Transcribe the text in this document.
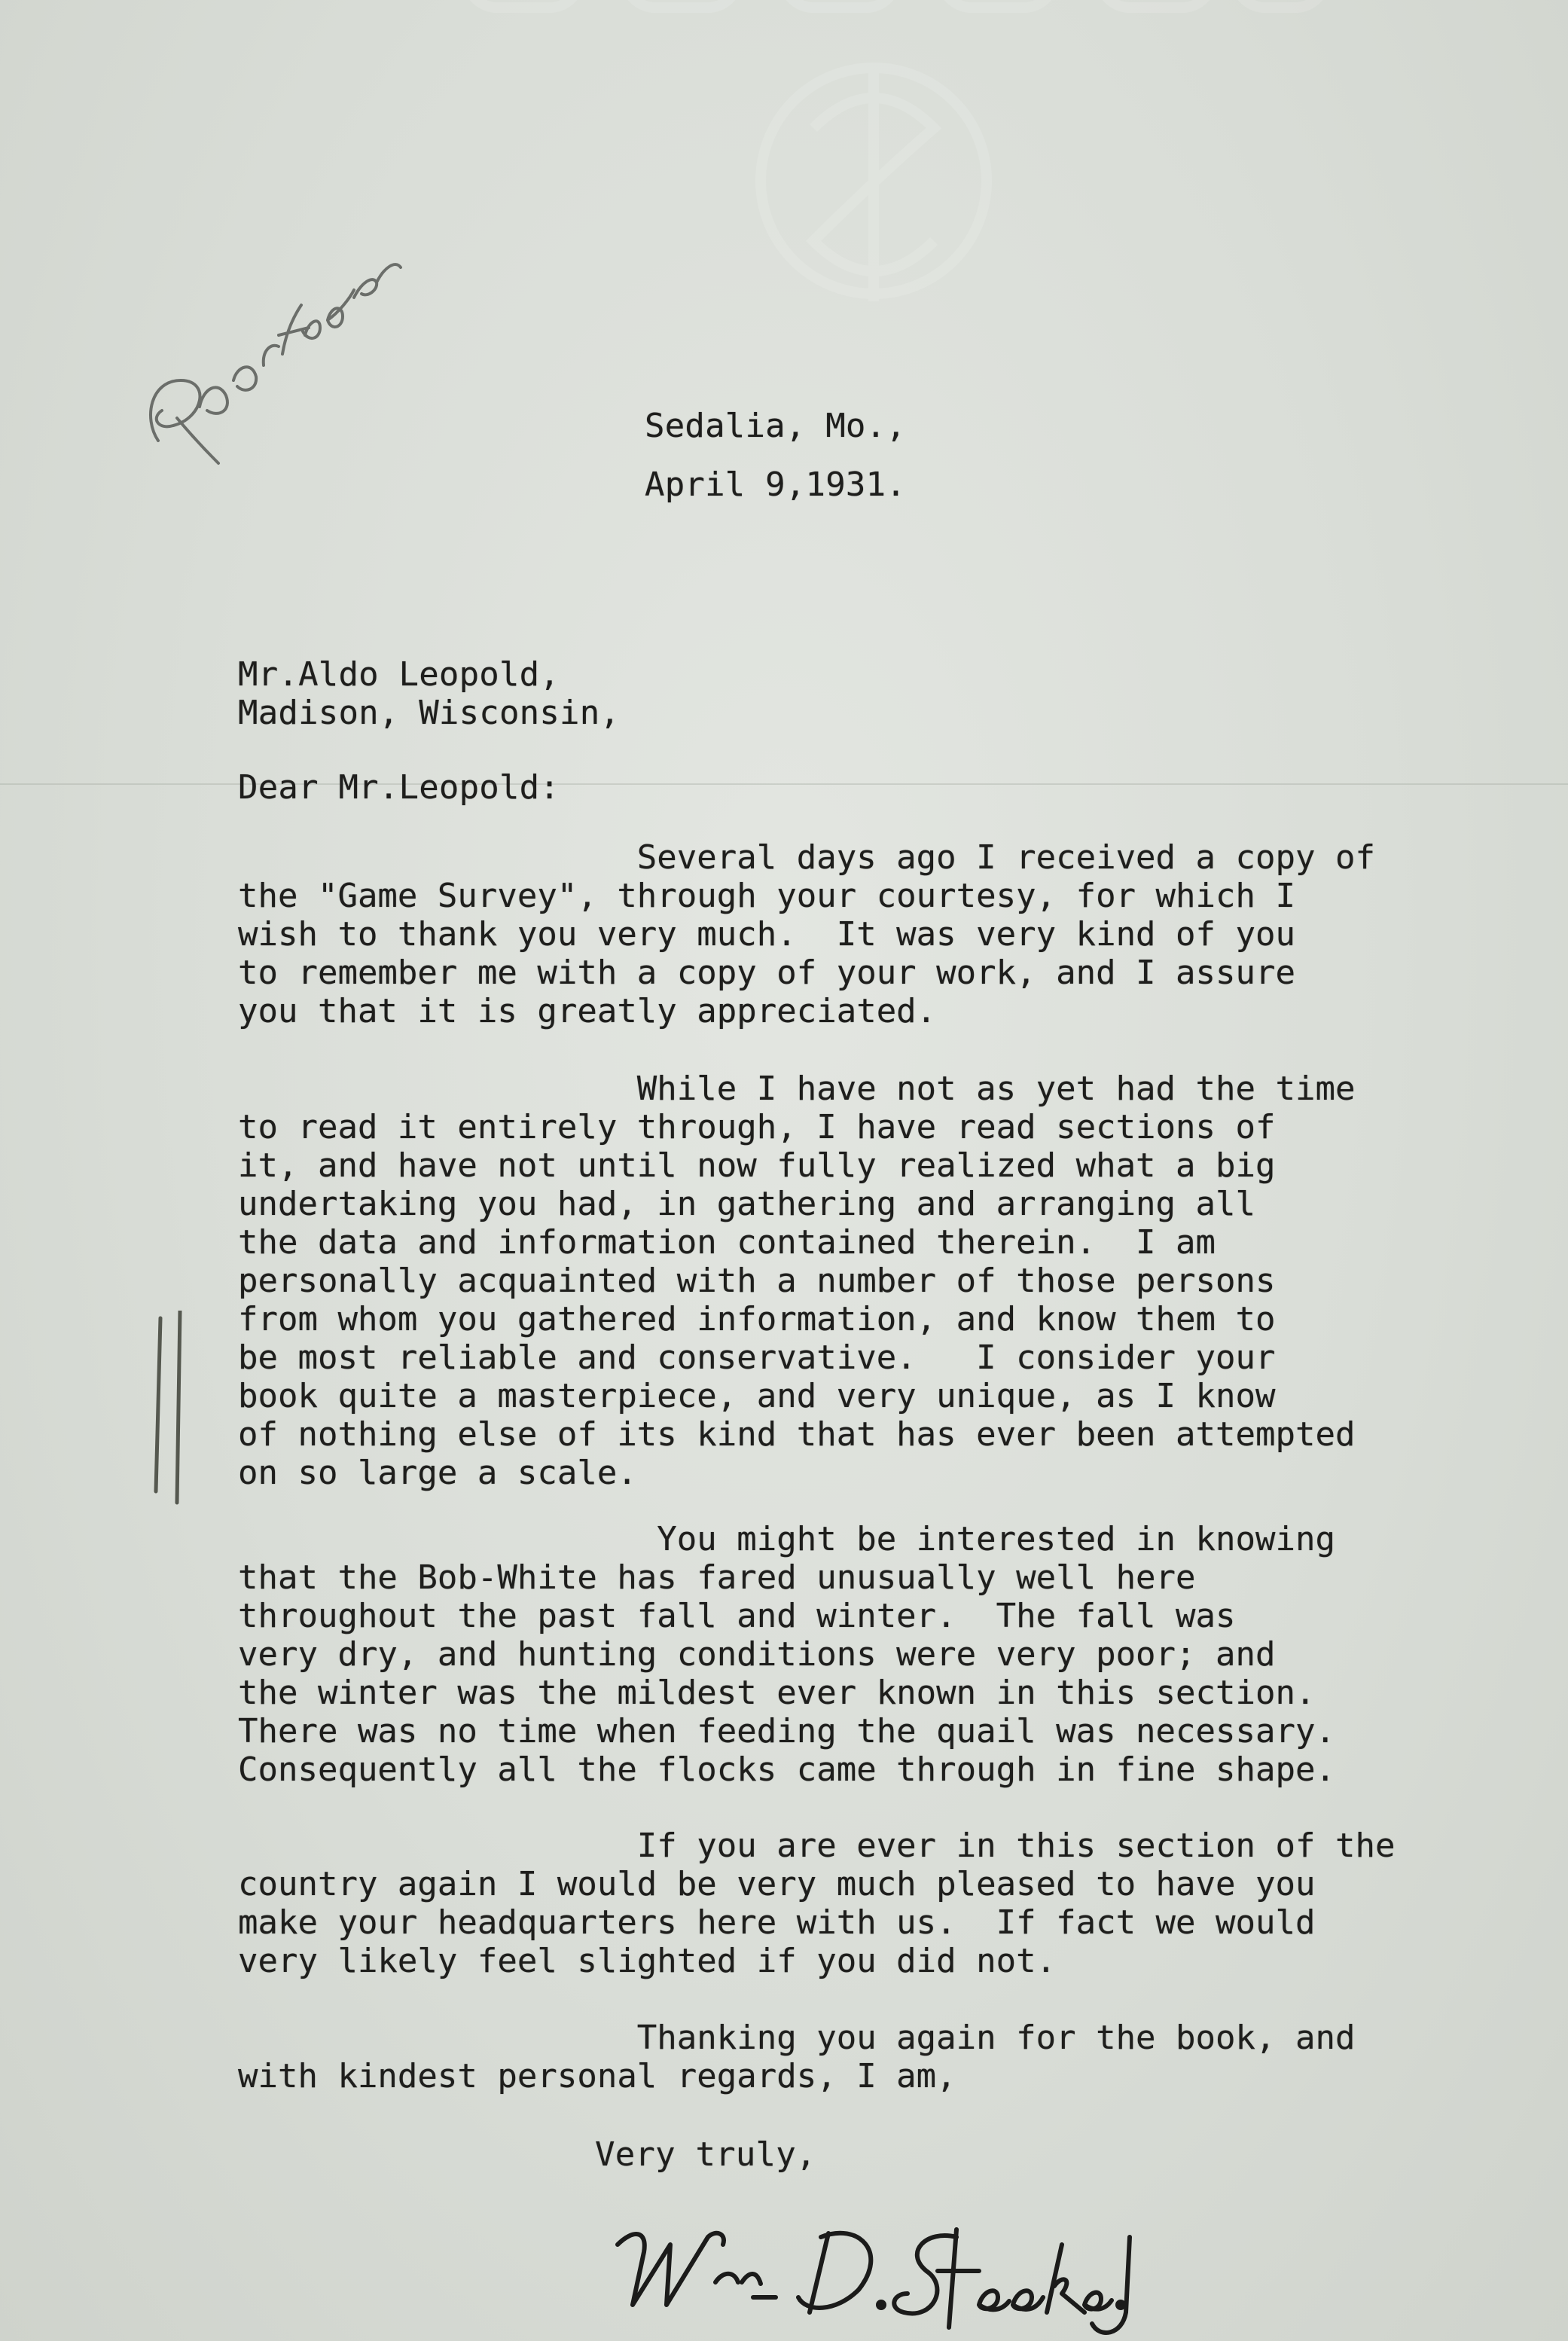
Sedalia, Mo.,
April 9,1931.
Mr.Aldo Leopold,
Madison, Wisconsin,
Dear Mr.Leopold:
Several days ago I received a copy of
the "Game Survey", through your courtesy, for which I
wish to thank you very much.  It was very kind of you
to remember me with a copy of your work, and I assure
you that it is greatly appreciated.
While I have not as yet had the time
to read it entirely through, I have read sections of
it, and have not until now fully realized what a big
undertaking you had, in gathering and arranging all
the data and information contained therein.  I am
personally acquainted with a number of those persons
from whom you gathered information, and know them to
be most reliable and conservative.   I consider your
book quite a masterpiece, and very unique, as I know
of nothing else of its kind that has ever been attempted
on so large a scale.
You might be interested in knowing
that the Bob-White has fared unusually well here
throughout the past fall and winter.  The fall was
very dry, and hunting conditions were very poor; and
the winter was the mildest ever known in this section.
There was no time when feeding the quail was necessary.
Consequently all the flocks came through in fine shape.
If you are ever in this section of the
country again I would be very much pleased to have you
make your headquarters here with us.  If fact we would
very likely feel slighted if you did not.
Thanking you again for the book, and
with kindest personal regards, I am,
Very truly,
